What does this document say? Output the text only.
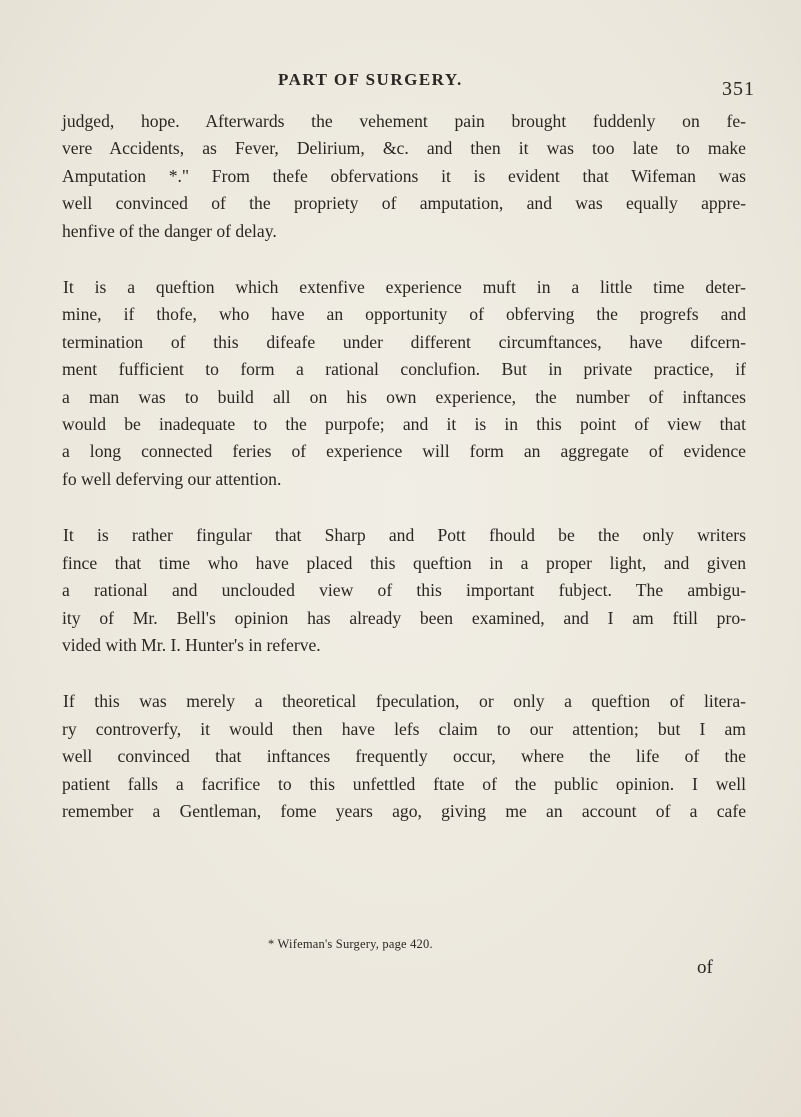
PART OF SURGERY.	351
judged, hope. Afterwards the vehement pain brought fuddenly on fe-
vere Accidents, as Fever, Delirium, &c. and then it was too late to make
Amputation *." From thefe obfervations it is evident that Wifeman was
well convinced of the propriety of amputation, and was equally appre-
henfive of the danger of delay.
It is a queftion which extenfive experience muft in a little time deter-
mine, if thofe, who have an opportunity of obferving the progrefs and
termination of this difeafe under different circumftances, have difcern-
ment fufficient to form a rational conclufion. But in private practice, if
a man was to build all on his own experience, the number of inftances
would be inadequate to the purpofe; and it is in this point of view that
a long connected feries of experience will form an aggregate of evidence
fo well deferving our attention.
It is rather fingular that Sharp and Pott fhould be the only writers
fince that time who have placed this queftion in a proper light, and given
a rational and unclouded view of this important fubject. The ambigu-
ity of Mr. Bell's opinion has already been examined, and I am ftill pro-
vided with Mr. I. Hunter's in referve.
If this was merely a theoretical fpeculation, or only a queftion of litera-
ry controverfy, it would then have lefs claim to our attention; but I am
well convinced that inftances frequently occur, where the life of the
patient falls a facrifice to this unfettled ftate of the public opinion. I well
remember a Gentleman, fome years ago, giving me an account of a cafe
* Wifeman's Surgery, page 420.
of
